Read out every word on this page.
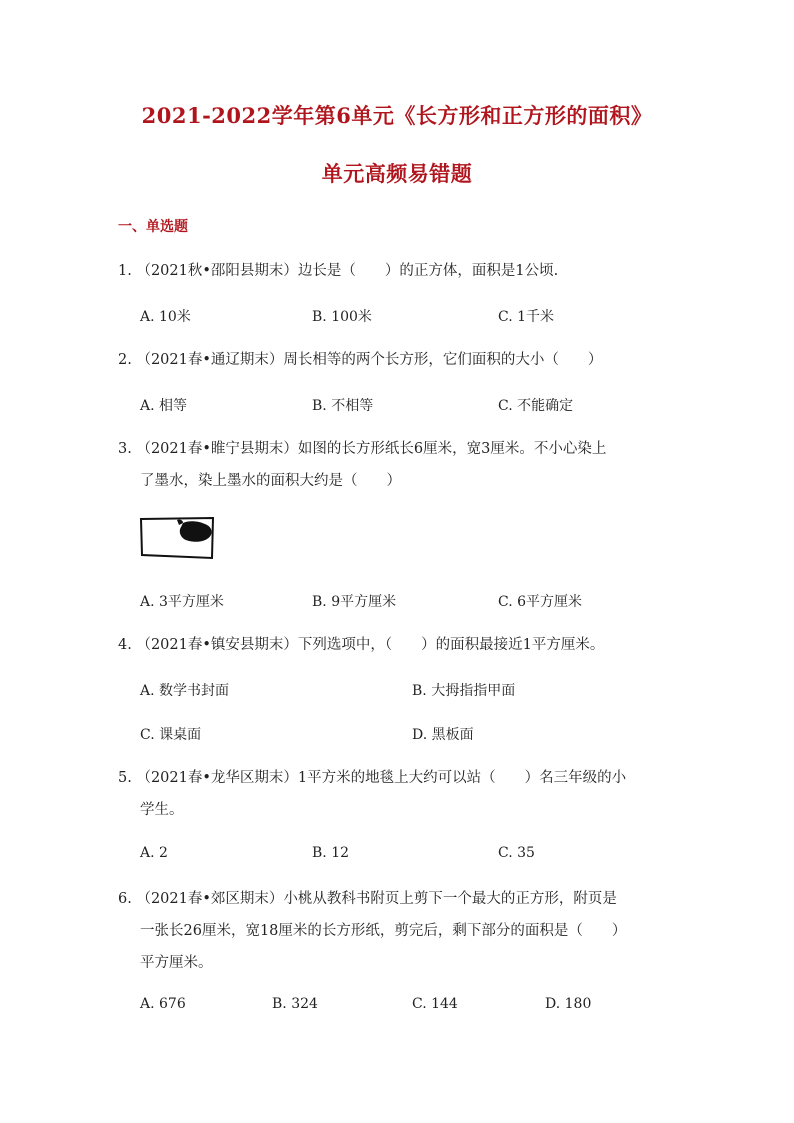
2021-2022学年第6单元《长方形和正方形的面积》
单元高频易错题
一、单选题
1. （2021秋•邵阳县期末）边长是（　　）的正方体，面积是1公顷.
A. 10米	B. 100米	C. 1千米
2. （2021春•通辽期末）周长相等的两个长方形，它们面积的大小（　　）
A. 相等	B. 不相等	C. 不能确定
3. （2021春•睢宁县期末）如图的长方形纸长6厘米，宽3厘米。不小心染上
了墨水，染上墨水的面积大约是（　　）
A. 3平方厘米	B. 9平方厘米	C. 6平方厘米
4. （2021春•镇安县期末）下列选项中，（　　）的面积最接近1平方厘米。
A. 数学书封面	B. 大拇指指甲面
C. 课桌面	D. 黑板面
5. （2021春•龙华区期末）1平方米的地毯上大约可以站（　　）名三年级的小
学生。
A. 2	B. 12	C. 35
6. （2021春•郊区期末）小桃从教科书附页上剪下一个最大的正方形，附页是
一张长26厘米，宽18厘米的长方形纸，剪完后，剩下部分的面积是（　　）
平方厘米。
A. 676	B. 324	C. 144	D. 180
